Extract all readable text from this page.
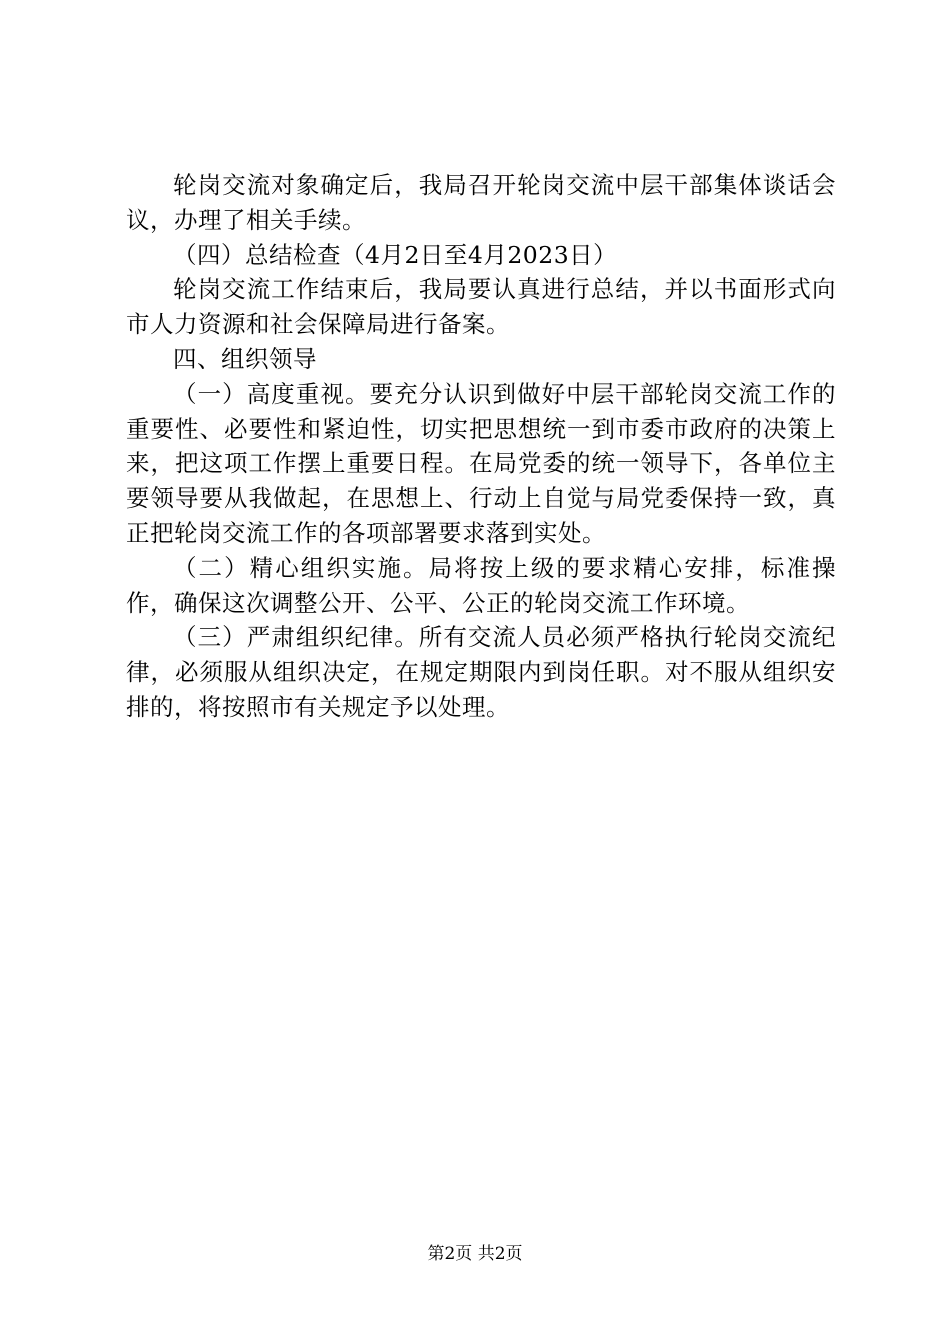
轮岗交流对象确定后，我局召开轮岗交流中层干部集体谈话会议，办理了相关手续。

（四）总结检查（4月2日至4月2023日）

轮岗交流工作结束后，我局要认真进行总结，并以书面形式向市人力资源和社会保障局进行备案。

四、组织领导

（一）高度重视。要充分认识到做好中层干部轮岗交流工作的重要性、必要性和紧迫性，切实把思想统一到市委市政府的决策上来，把这项工作摆上重要日程。在局党委的统一领导下，各单位主要领导要从我做起，在思想上、行动上自觉与局党委保持一致，真正把轮岗交流工作的各项部署要求落到实处。

（二）精心组织实施。局将按上级的要求精心安排，标准操作，确保这次调整公开、公平、公正的轮岗交流工作环境。

（三）严肃组织纪律。所有交流人员必须严格执行轮岗交流纪律，必须服从组织决定，在规定期限内到岗任职。对不服从组织安排的，将按照市有关规定予以处理。

第2页 共2页
